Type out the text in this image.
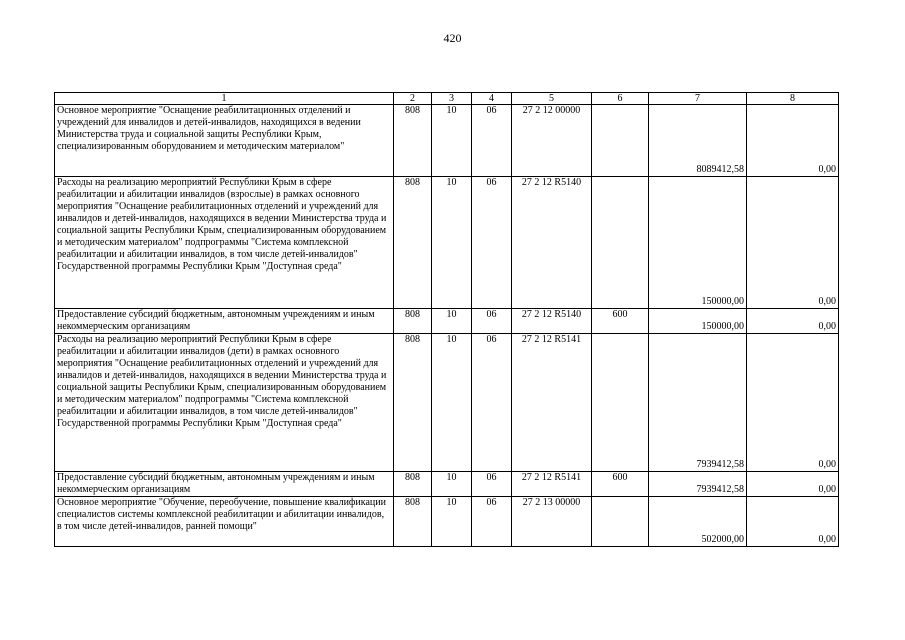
420
1	2	3	4	5	6	7	8
Основное мероприятие "Оснащение реабилитационных отделений и учреждений для инвалидов и детей-инвалидов, находящихся в ведении Министерства труда и социальной защиты Республики Крым, специализированным оборудованием и методическим материалом"	808	10	06	27 2 12 00000		8089412,58	0,00
Расходы на реализацию мероприятий Республики Крым в сфере реабилитации и абилитации инвалидов (взрослые) в рамках основного мероприятия "Оснащение реабилитационных отделений и учреждений для инвалидов и детей-инвалидов, находящихся в ведении Министерства труда и социальной защиты Республики Крым, специализированным оборудованием и методическим материалом" подпрограммы "Система комплексной реабилитации и абилитации инвалидов, в том числе детей-инвалидов" Государственной программы Республики Крым "Доступная среда"	808	10	06	27 2 12 R5140		150000,00	0,00
Предоставление субсидий бюджетным, автономным учреждениям и иным некоммерческим организациям	808	10	06	27 2 12 R5140	600	150000,00	0,00
Расходы на реализацию мероприятий Республики Крым в сфере реабилитации и абилитации инвалидов (дети) в рамках основного мероприятия "Оснащение реабилитационных отделений и учреждений для инвалидов и детей-инвалидов, находящихся в ведении Министерства труда и социальной защиты Республики Крым, специализированным оборудованием и методическим материалом" подпрограммы "Система комплексной реабилитации и абилитации инвалидов, в том числе детей-инвалидов" Государственной программы Республики Крым "Доступная среда"	808	10	06	27 2 12 R5141		7939412,58	0,00
Предоставление субсидий бюджетным, автономным учреждениям и иным некоммерческим организациям	808	10	06	27 2 12 R5141	600	7939412,58	0,00
Основное мероприятие "Обучение, переобучение, повышение квалификации специалистов системы комплексной реабилитации и абилитации инвалидов, в том числе детей-инвалидов, ранней помощи"	808	10	06	27 2 13 00000		502000,00	0,00
